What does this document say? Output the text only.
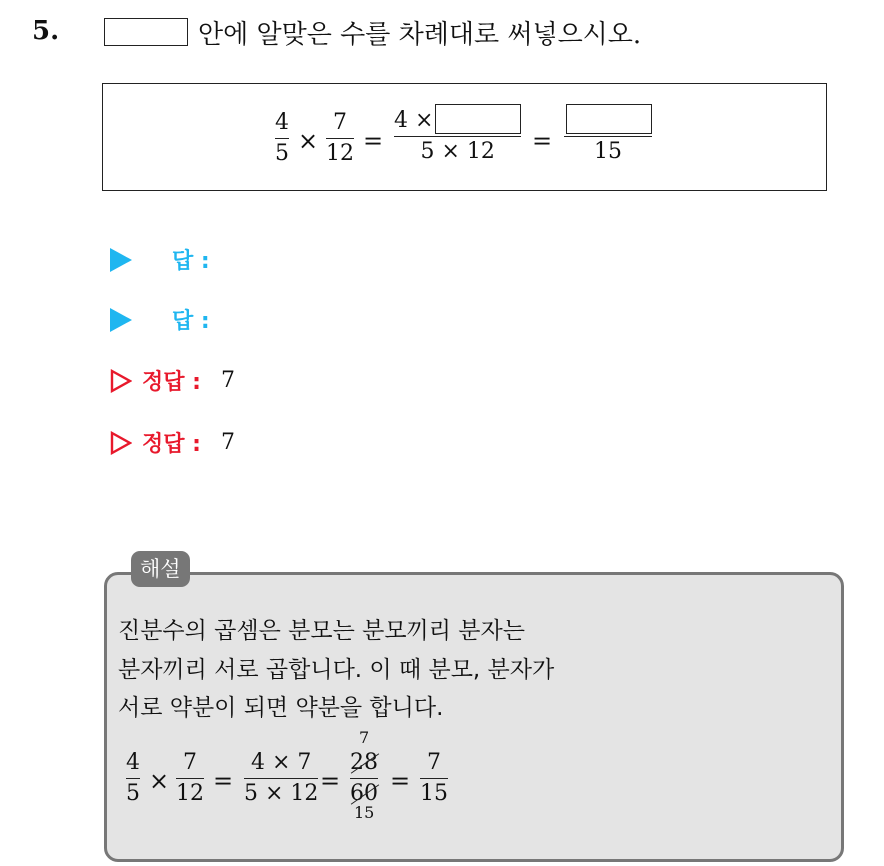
5.	안에 알맞은 수를 차례대로 써넣으시오.
4
5 ×
7
12 =
4 ×
5 × 12 = 15
답 :
답 :
정답 : 7
정답 : 7
해설
진분수의 곱셈은 분모는 분모끼리 분자는
분자끼리 서로 곱합니다. 이 때 분모, 분자가
서로 약분이 되면 약분을 합니다.
4
5 ×
7
12 =
4 × 7
5 × 12 =
7
28
60
15
=
7
15
